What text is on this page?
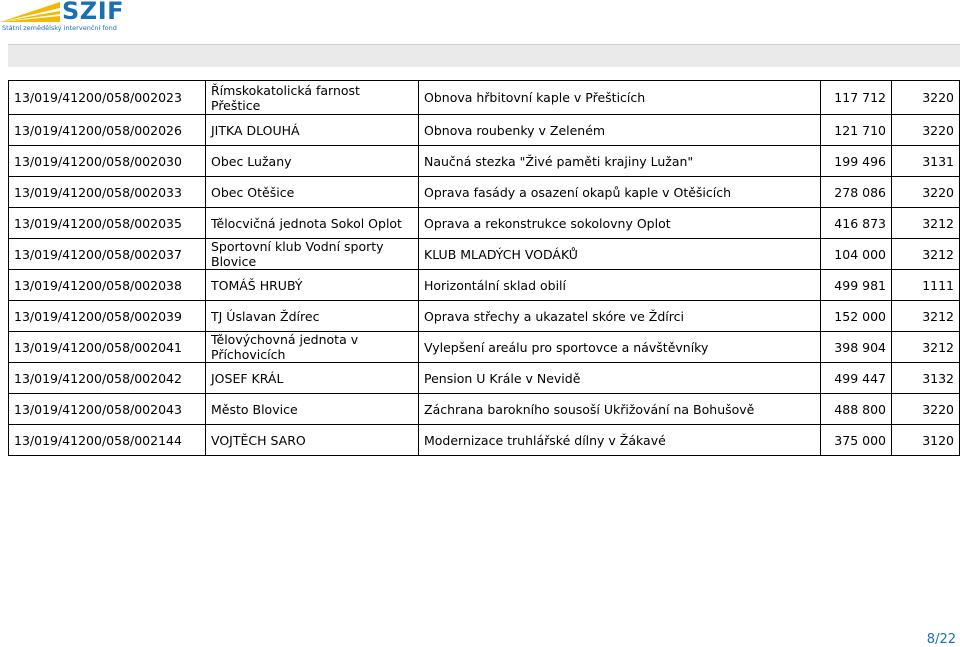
SZIF
Státní zemědělský intervenční fond
13/019/41200/058/002023	Římskokatolická farnost Přeštice	Obnova hřbitovní kaple v Přešticích	117 712	3220
13/019/41200/058/002026	JITKA DLOUHÁ	Obnova roubenky v Zeleném	121 710	3220
13/019/41200/058/002030	Obec Lužany	Naučná stezka "Živé paměti krajiny Lužan"	199 496	3131
13/019/41200/058/002033	Obec Otěšice	Oprava fasády a osazení okapů kaple v Otěšicích	278 086	3220
13/019/41200/058/002035	Tělocvičná jednota Sokol Oplot	Oprava a rekonstrukce sokolovny Oplot	416 873	3212
13/019/41200/058/002037	Sportovní klub Vodní sporty Blovice	KLUB MLADÝCH VODÁKŮ	104 000	3212
13/019/41200/058/002038	TOMÁŠ HRUBÝ	Horizontální sklad obilí	499 981	1111
13/019/41200/058/002039	TJ Úslavan Ždírec	Oprava střechy a ukazatel skóre ve Ždírci	152 000	3212
13/019/41200/058/002041	Tělovýchovná jednota v Příchovicích	Vylepšení areálu pro sportovce a návštěvníky	398 904	3212
13/019/41200/058/002042	JOSEF KRÁL	Pension U Krále v Nevidě	499 447	3132
13/019/41200/058/002043	Město Blovice	Záchrana barokního sousoší Ukřižování na Bohušově	488 800	3220
13/019/41200/058/002144	VOJTĚCH SARO	Modernizace truhlářské dílny v Žákavé	375 000	3120
8/22
